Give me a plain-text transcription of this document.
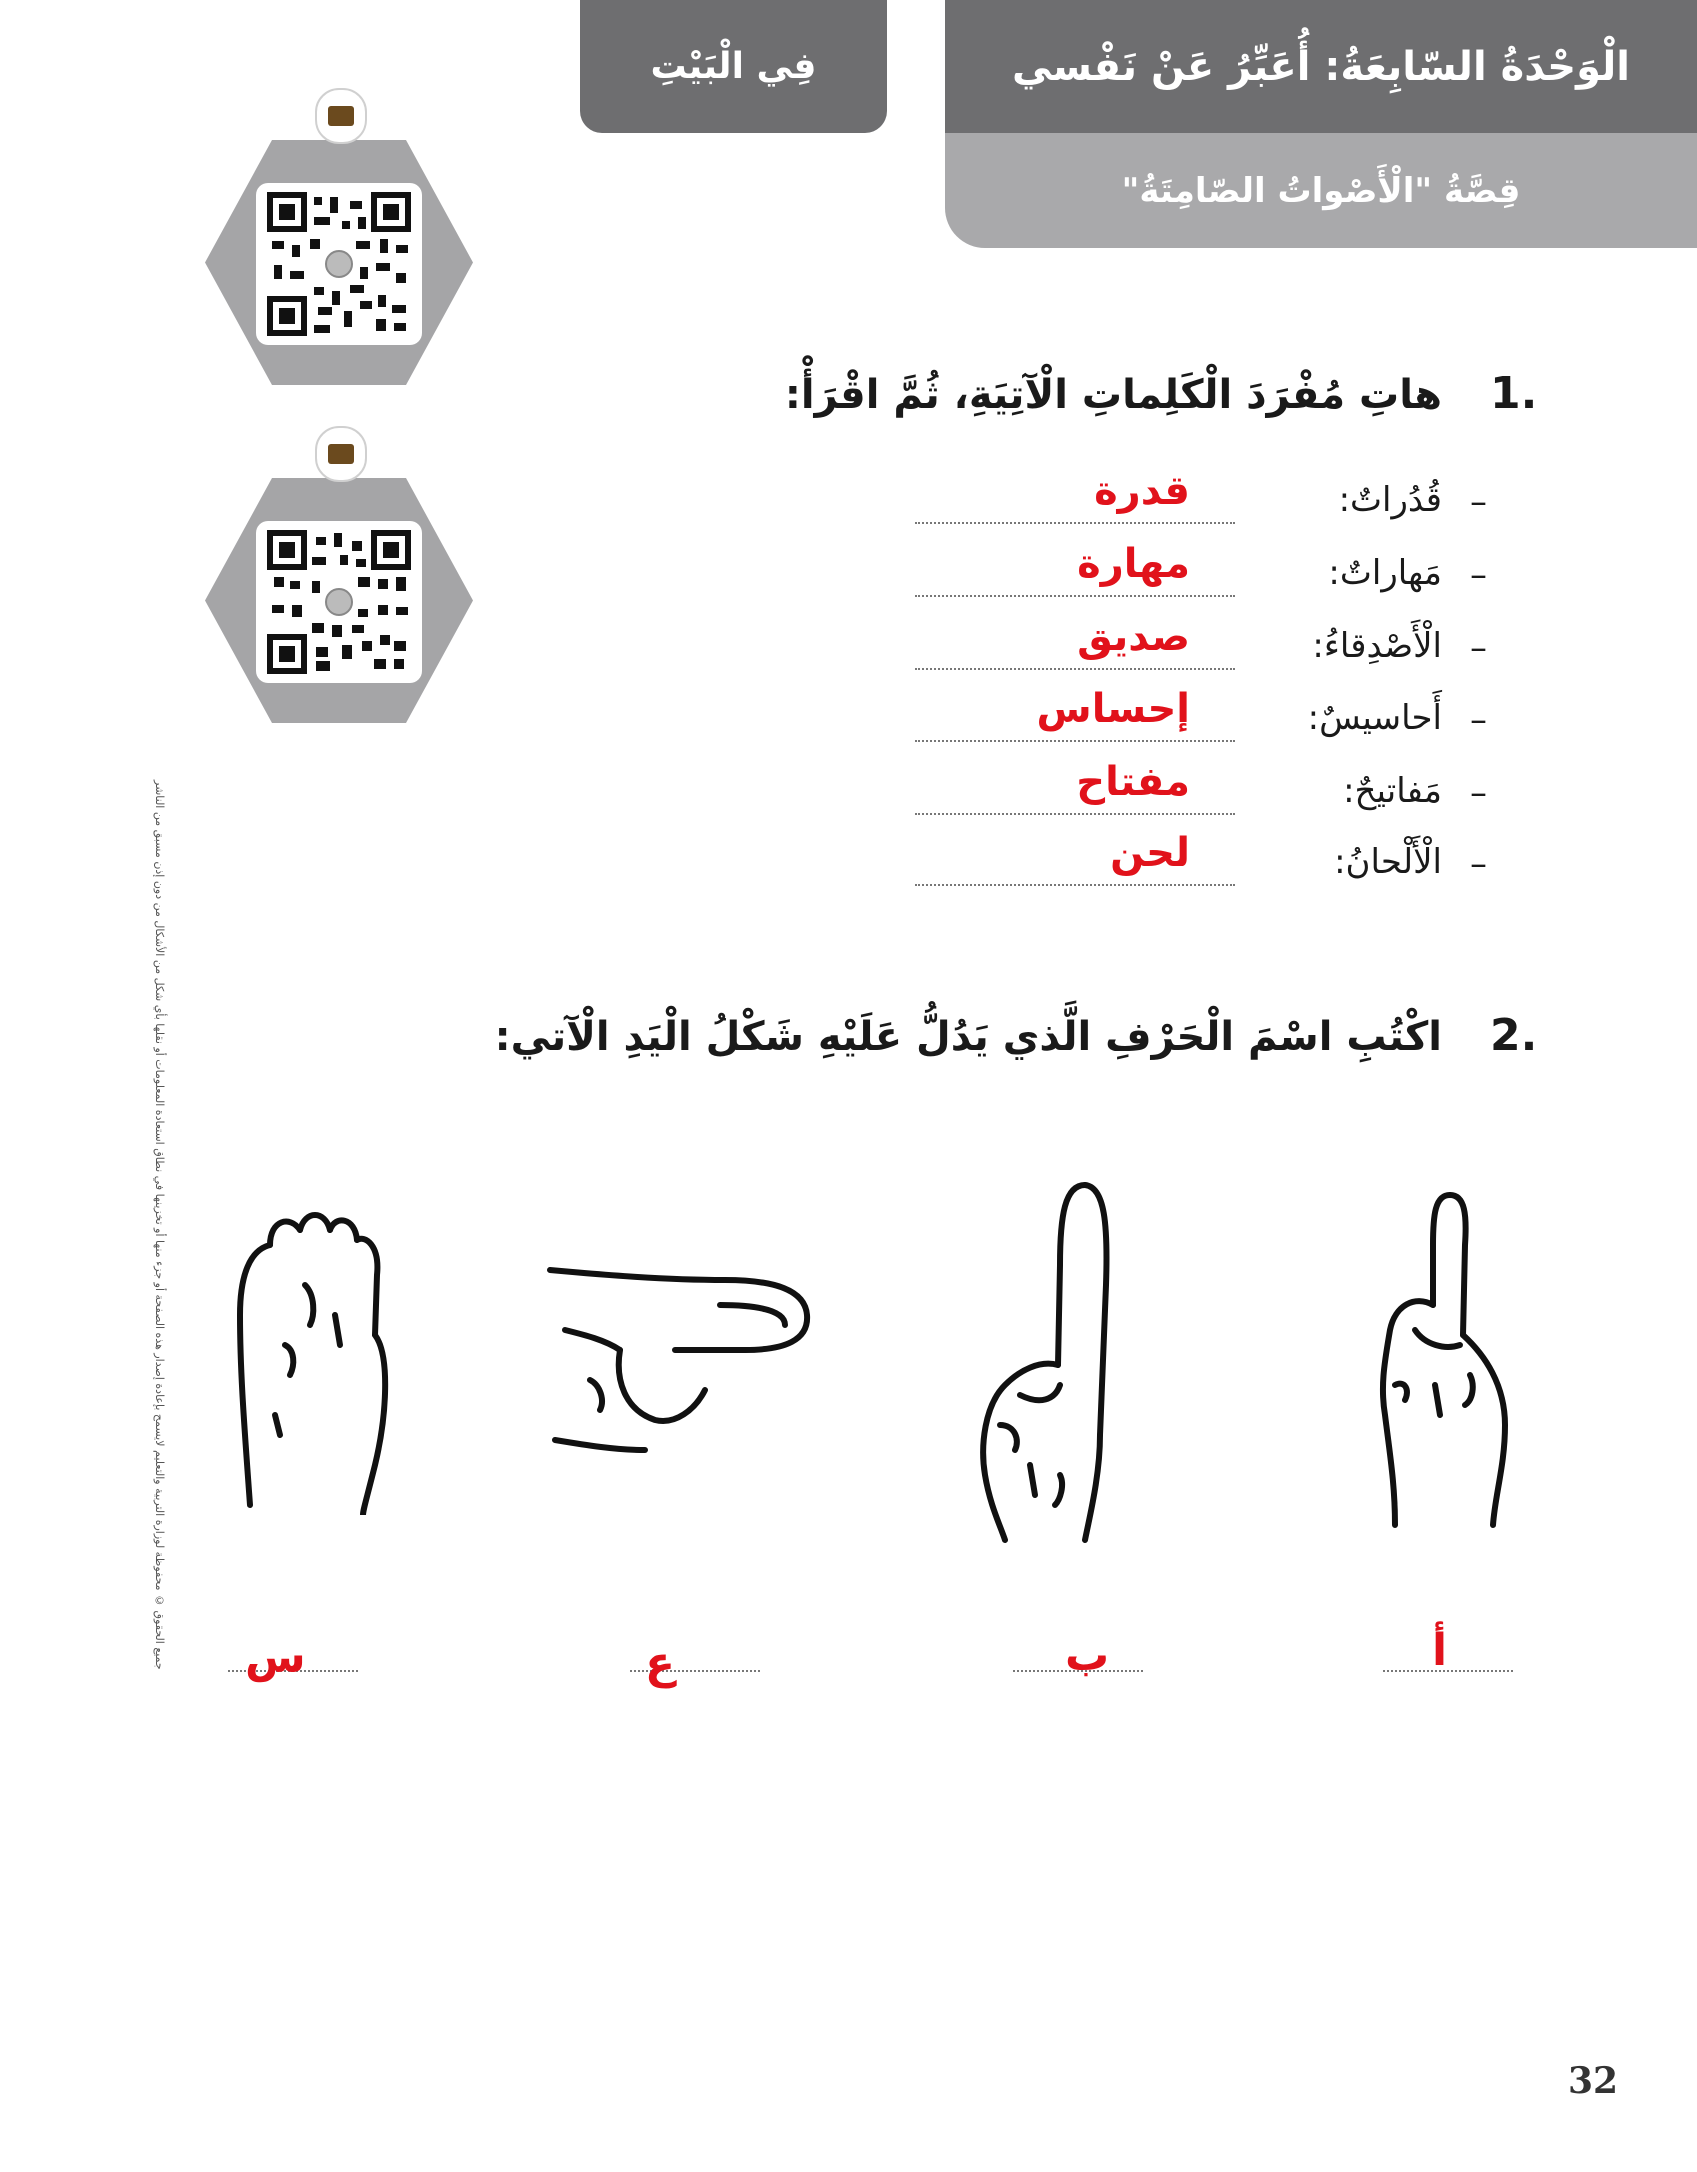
الْوَحْدَةُ السّابِعَةُ: أُعَبِّرُ عَنْ نَفْسي
قِصَّةُ "الْأَصْواتُ الصّامِتَةُ"
فِي الْبَيْتِ
جميع الحقوق © محفوظة لوزارة التربية والتعليم لايسمح بإعادة إصدار هذه الصفحة أو جزء منها أو تخزينها في نطاق استعادة المعلومات أو نقلها بأي شكل من الأشكال من دون إذن مسبق من الناشر
1.
هاتِ مُفْرَدَ الْكَلِماتِ الْآتِيَةِ، ثُمَّ اقْرَأْ:
–
قُدُراتٌ:
قدرة
–
مَهاراتٌ:
مهارة
–
الْأَصْدِقاءُ:
صديق
–
أَحاسيسٌ:
إحساس
–
مَفاتيحٌ:
مفتاح
–
الْأَلْحانُ:
لحن
2.
اكْتُبِ اسْمَ الْحَرْفِ الَّذي يَدُلُّ عَلَيْهِ شَكْلُ الْيَدِ الْآتي:
أ
ب
ع
س
32
